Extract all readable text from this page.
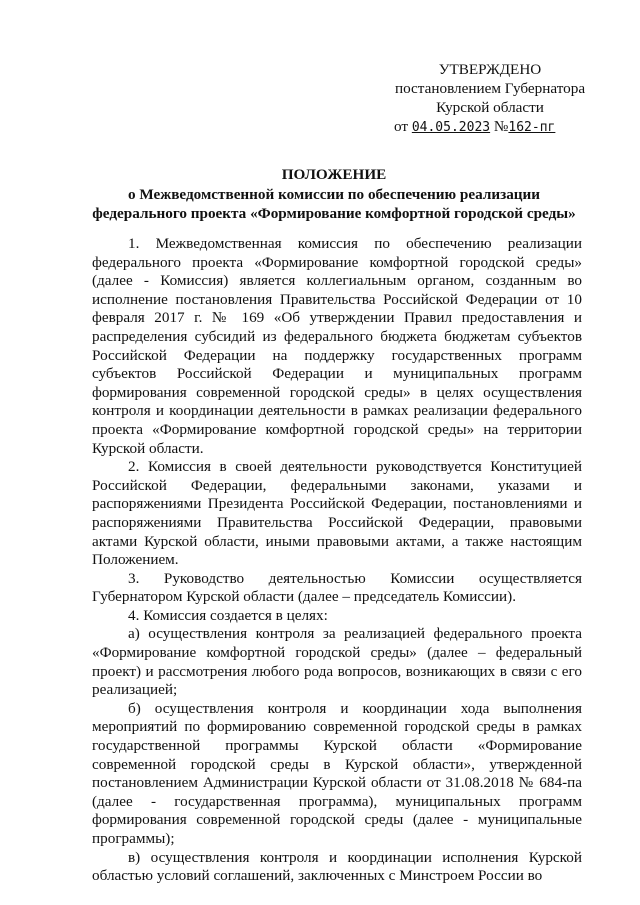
УТВЕРЖДЕНО
постановлением Губернатора
Курской области
от 04.05.2023 №162-пг
ПОЛОЖЕНИЕ
о Межведомственной комиссии по обеспечению реализации
федерального проекта «Формирование комфортной городской среды»

1. Межведомственная комиссия по обеспечению реализации федерального проекта «Формирование комфортной городской среды» (далее - Комиссия) является коллегиальным органом, созданным во исполнение постановления Правительства Российской Федерации от 10 февраля 2017 г. № 169 «Об утверждении Правил предоставления и распределения субсидий из федерального бюджета бюджетам субъектов Российской Федерации на поддержку государственных программ субъектов Российской Федерации и муниципальных программ формирования современной городской среды» в целях осуществления контроля и координации деятельности в рамках реализации федерального проекта «Формирование комфортной городской среды» на территории Курской области.

2. Комиссия в своей деятельности руководствуется Конституцией Российской Федерации, федеральными законами, указами и распоряжениями Президента Российской Федерации, постановлениями и распоряжениями Правительства Российской Федерации, правовыми актами Курской области, иными правовыми актами, а также настоящим Положением.

3. Руководство деятельностью Комиссии осуществляется Губернатором Курской области (далее – председатель Комиссии).

4. Комиссия создается в целях:

а) осуществления контроля за реализацией федерального проекта «Формирование комфортной городской среды» (далее – федеральный проект) и рассмотрения любого рода вопросов, возникающих в связи с его реализацией;

б) осуществления контроля и координации хода выполнения мероприятий по формированию современной городской среды в рамках государственной программы Курской области «Формирование современной городской среды в Курской области», утвержденной постановлением Администрации Курской области от 31.08.2018 № 684-па (далее - государственная программа), муниципальных программ формирования современной городской среды (далее - муниципальные программы);

в) осуществления контроля и координации исполнения Курской областью условий соглашений, заключенных с Минстроем России во
